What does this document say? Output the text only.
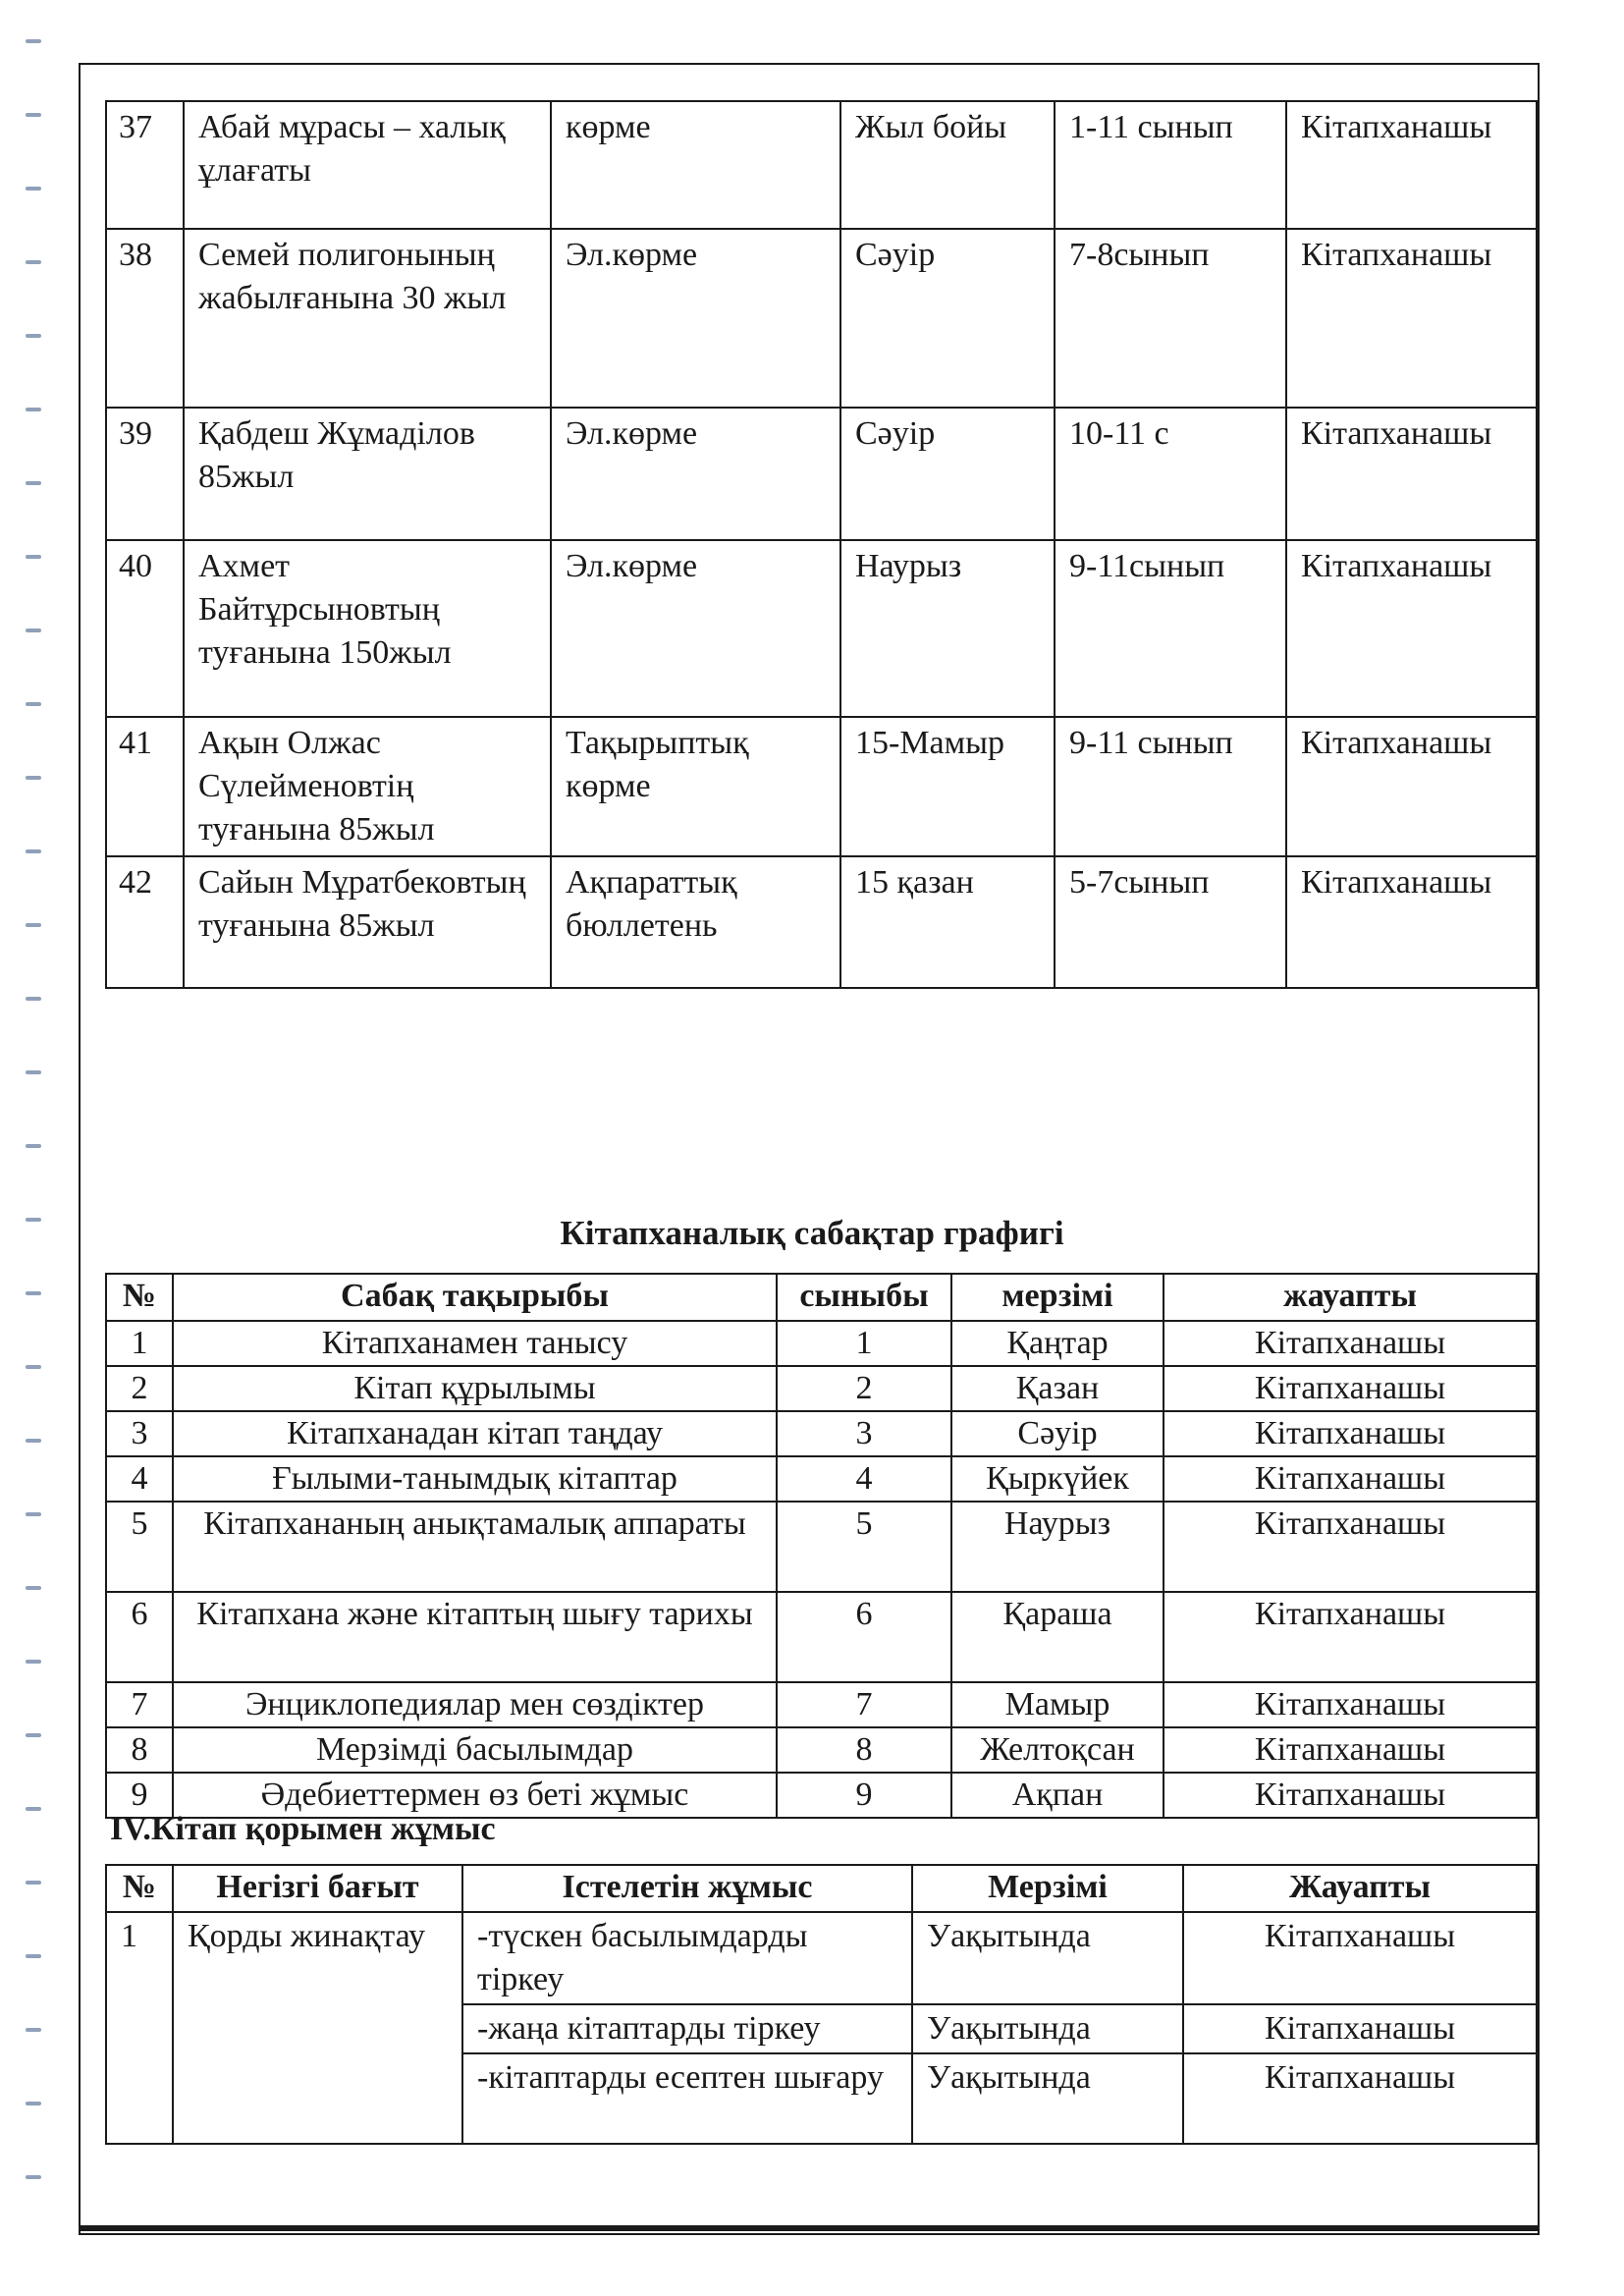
37	Абай мұрасы – халық ұлағаты	көрме	Жыл бойы	1-11 сынып	Кітапханашы
38	Семей полигонының жабылғанына 30 жыл	Эл.көрме	Сәуір	7-8сынып	Кітапханашы
39	Қабдеш Жұмаділов 85жыл	Эл.көрме	Сәуір	10-11 с	Кітапханашы
40	Ахмет Байтұрсыновтың туғанына 150жыл	Эл.көрме	Наурыз	9-11сынып	Кітапханашы
41	Ақын Олжас Сүлейменовтің туғанына 85жыл	Тақырыптық көрме	15-Мамыр	9-11 сынып	Кітапханашы
42	Сайын Мұратбековтың туғанына 85жыл	Ақпараттық бюллетень	15 қазан	5-7сынып	Кітапханашы
Кітапханалық сабақтар графигі
№	Сабақ тақырыбы	сыныбы	мерзімі	жауапты
1	Кітапханамен танысу	1	Қаңтар	Кітапханашы
2	Кітап құрылымы	2	Қазан	Кітапханашы
3	Кітапханадан кітап таңдау	3	Сәуір	Кітапханашы
4	Ғылыми-танымдық кітаптар	4	Қыркүйек	Кітапханашы
5	Кітапхананың анықтамалық аппараты	5	Наурыз	Кітапханашы
6	Кітапхана және кітаптың шығу тарихы	6	Қараша	Кітапханашы
7	Энциклопедиялар мен сөздіктер	7	Мамыр	Кітапханашы
8	Мерзімді басылымдар	8	Желтоқсан	Кітапханашы
9	Әдебиеттермен өз беті жұмыс	9	Ақпан	Кітапханашы
IV.Кітап қорымен жұмыс
№	Негізгі бағыт	Істелетін жұмыс	Мерзімі	Жауапты
1	Қорды жинақтау	-түскен басылымдарды тіркеу	Уақытында	Кітапханашы
		-жаңа кітаптарды тіркеу	Уақытында	Кітапханашы
		-кітаптарды есептен шығару	Уақытында	Кітапханашы
